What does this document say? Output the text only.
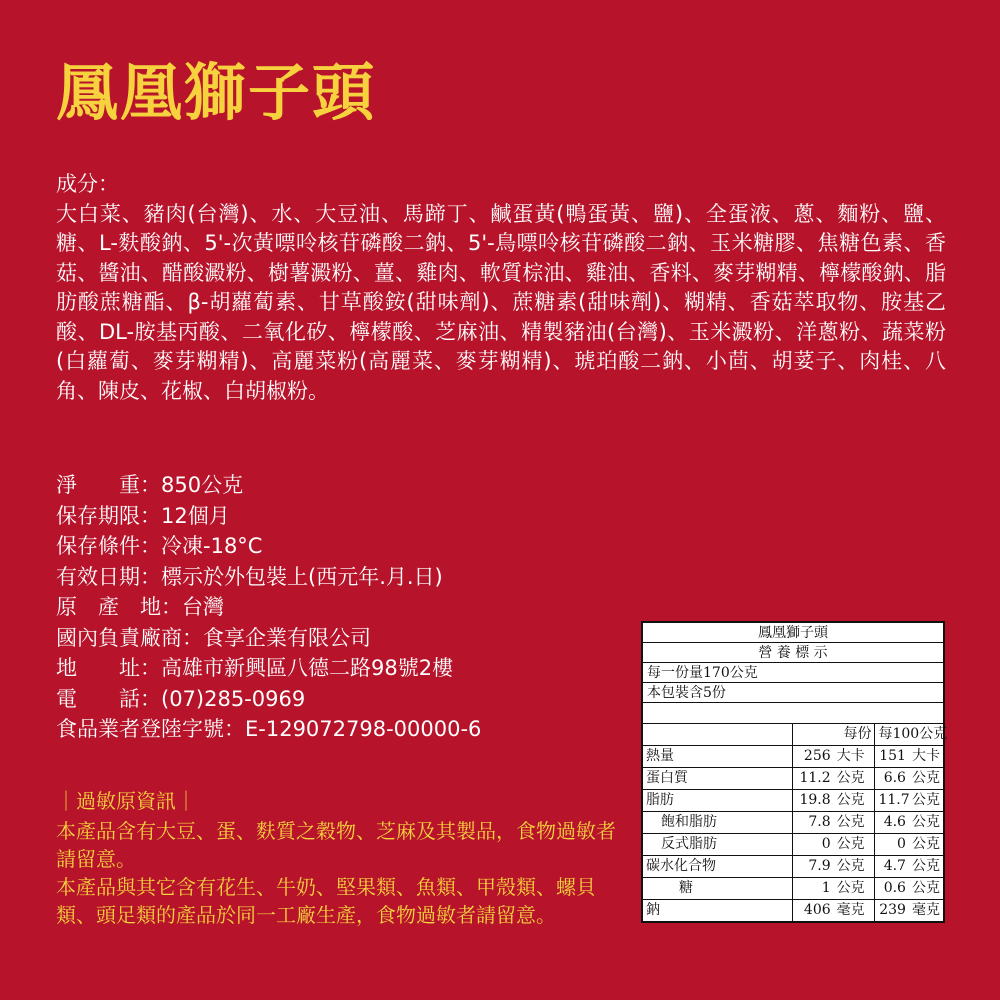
鳳凰獅子頭
成分：
大白菜、豬肉(台灣)、水、大豆油、馬蹄丁、鹹蛋黃(鴨蛋黃、鹽)、全蛋液、蔥、麵粉、鹽、糖、L-麩酸鈉、5'-次黃嘌呤核苷磷酸二鈉、5'-鳥嘌呤核苷磷酸二鈉、玉米糖膠、焦糖色素、香菇、醬油、醋酸澱粉、樹薯澱粉、薑、雞肉、軟質棕油、雞油、香料、麥芽糊精、檸檬酸鈉、脂肪酸蔗糖酯、β-胡蘿蔔素、甘草酸銨(甜味劑)、蔗糖素(甜味劑)、糊精、香菇萃取物、胺基乙酸、DL-胺基丙酸、二氧化矽、檸檬酸、芝麻油、精製豬油(台灣)、玉米澱粉、洋蔥粉、蔬菜粉(白蘿蔔、麥芽糊精)、高麗菜粉(高麗菜、麥芽糊精)、琥珀酸二鈉、小茴、胡荽子、肉桂、八角、陳皮、花椒、白胡椒粉。
淨　　重：850公克
保存期限：12個月
保存條件：冷凍-18°C
有效日期：標示於外包裝上(西元年.月.日)
原　產　地：台灣
國內負責廠商：食享企業有限公司
地　　址：高雄市新興區八德二路98號2樓
電　　話：(07)285-0969
食品業者登陸字號：E-129072798-00000-6
｜過敏原資訊｜
本產品含有大豆、蛋、麩質之穀物、芝麻及其製品，食物過敏者請留意。
本產品與其它含有花生、牛奶、堅果類、魚類、甲殼類、螺貝類、頭足類的產品於同一工廠生產，食物過敏者請留意。
鳳凰獅子頭
營 養 標 示
每一份量170公克
本包裝含5份
	每份		每100公克	
熱量	256	大卡	151	大卡
蛋白質	11.2	公克	6.6	公克
脂肪	19.8	公克	11.7	公克
飽和脂肪	7.8	公克	4.6	公克
反式脂肪	0	公克	0	公克
碳水化合物	7.9	公克	4.7	公克
糖	1	公克	0.6	公克
鈉	406	毫克	239	毫克
